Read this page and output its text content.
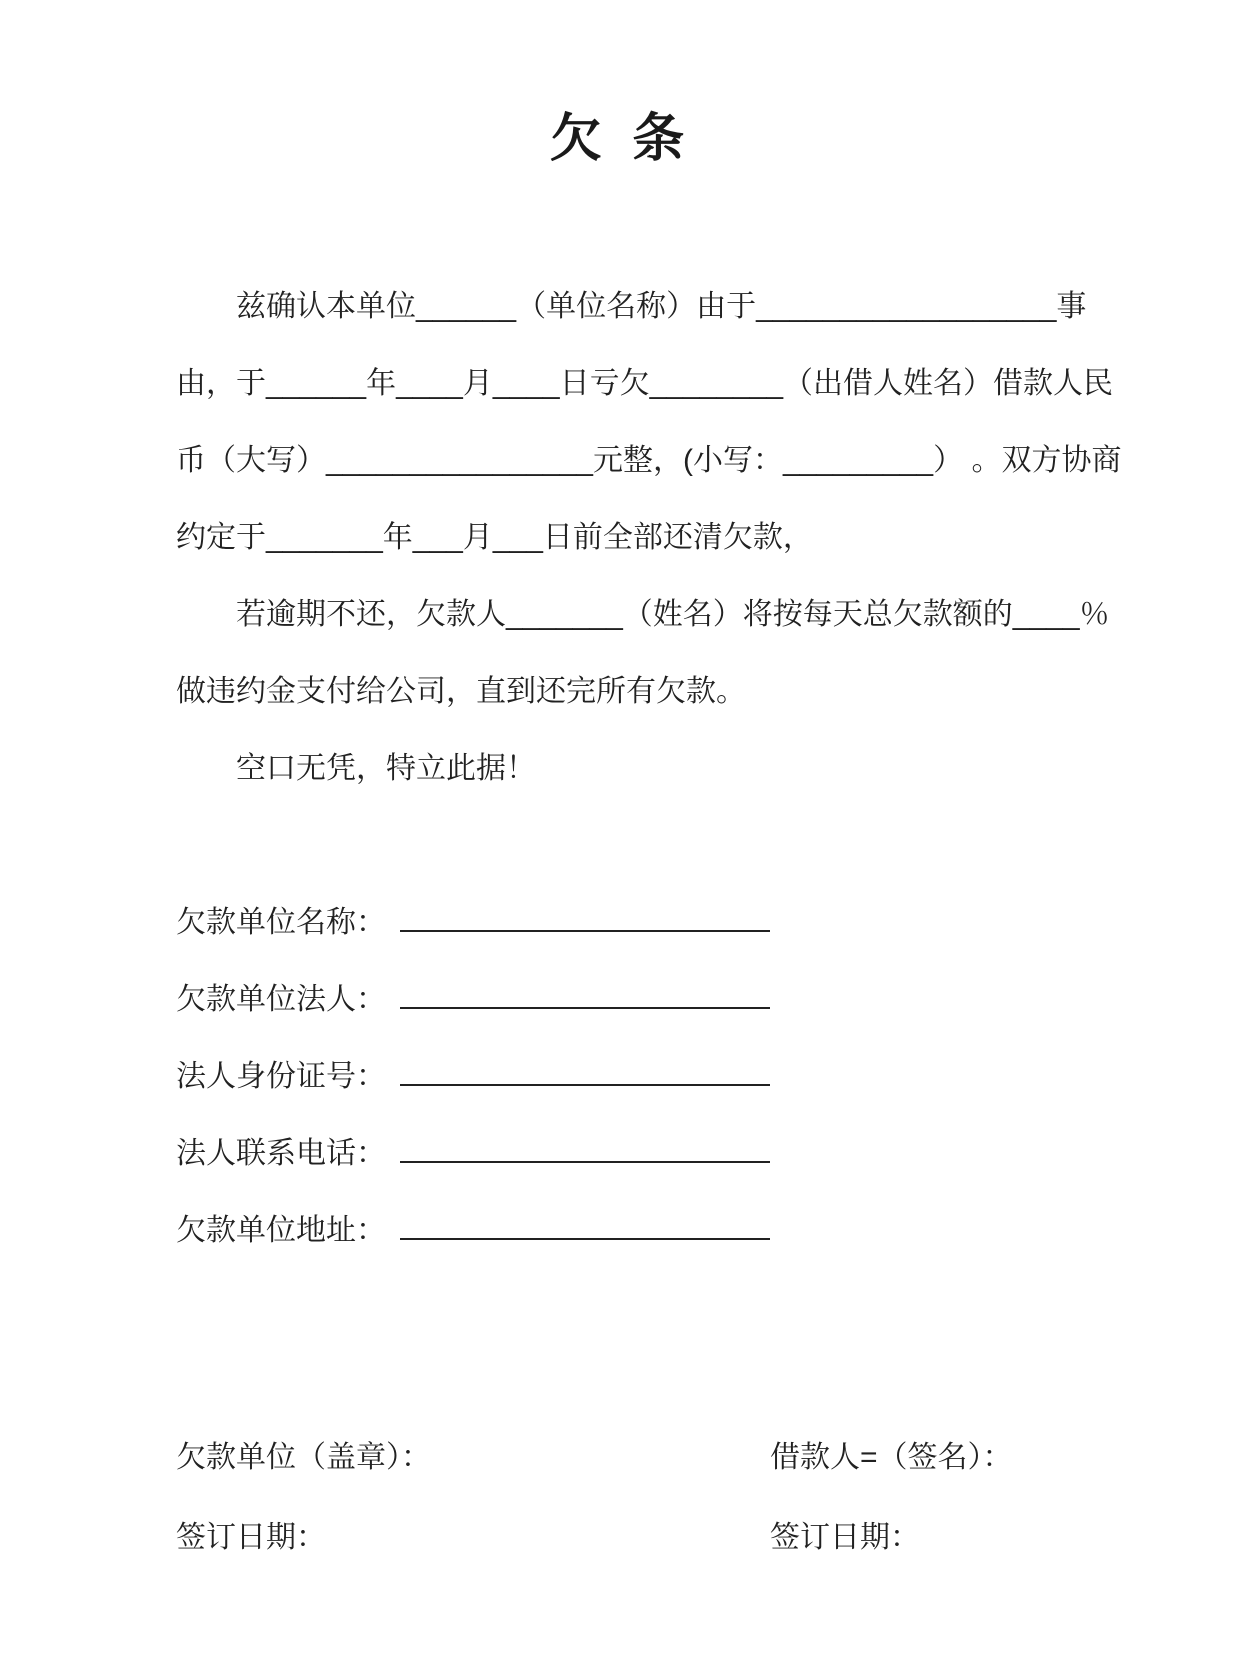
欠 条
兹确认本单位______（单位名称）由于__________________事
由，于______年____月____日亏欠________（出借人姓名）借款人民
币（大写）________________元整，(小写：_________） 。双方协商
约定于_______年___月___日前全部还清欠款，
若逾期不还，欠款人_______（姓名）将按每天总欠款额的____％
做违约金支付给公司，直到还完所有欠款。
空口无凭，特立此据！
欠款单位名称：
欠款单位法人：
法人身份证号：
法人联系电话：
欠款单位地址：
欠款单位（盖章）：
签订日期：
借款人=（签名）：
签订日期：
